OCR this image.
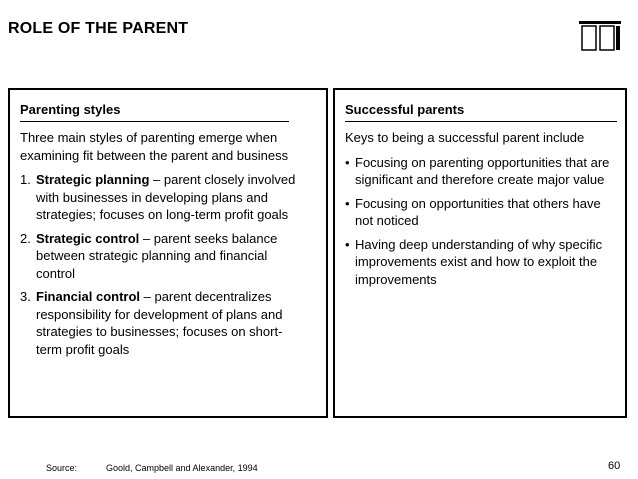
ROLE OF THE PARENT
Parenting styles

Three main styles of parenting emerge when examining fit between the parent and business

1. Strategic planning – parent closely involved with businesses in developing plans and strategies; focuses on long-term profit goals
2. Strategic control – parent seeks balance between strategic planning and financial control
3. Financial control – parent decentralizes responsibility for development of plans and strategies to businesses; focuses on short-term profit goals
Successful parents

Keys to being a successful parent include

• Focusing on parenting opportunities that are significant and therefore create major value
• Focusing on opportunities that others have not noticed
• Having deep understanding of why specific improvements exist and how to exploit the improvements
Source:	Goold, Campbell and Alexander, 1994	60
